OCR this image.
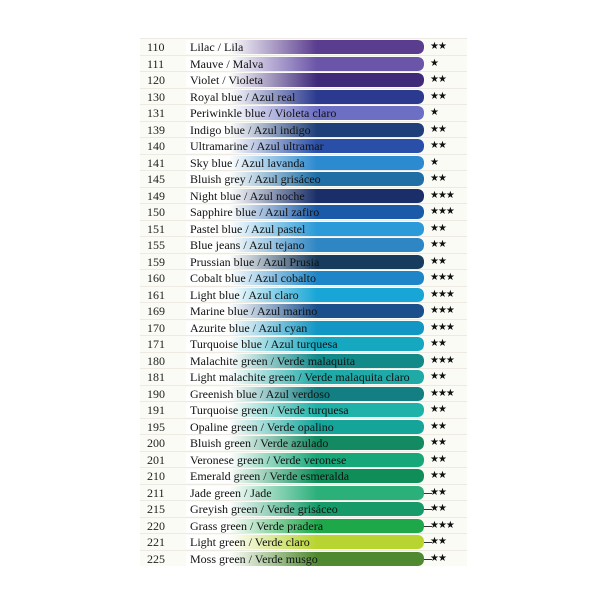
110	Lilac / Lila	★★
111	Mauve / Malva	★
120	Violet / Violeta	★★
130	Royal blue / Azul real	★★
131	Periwinkle blue / Violeta claro	★
139	Indigo blue / Azul indigo	★★
140	Ultramarine / Azul ultramar	★★
141	Sky blue / Azul lavanda	★
145	Bluish grey / Azul grisáceo	★★
149	Night blue / Azul noche	★★★
150	Sapphire blue / Azul zafiro	★★★
151	Pastel blue / Azul pastel	★★
155	Blue jeans / Azul tejano	★★
159	Prussian blue / Azul Prusia	★★
160	Cobalt blue / Azul cobalto	★★★
161	Light blue / Azul claro	★★★
169	Marine blue / Azul marino	★★★
170	Azurite blue / Azul cyan	★★★
171	Turquoise blue / Azul turquesa	★★
180	Malachite green / Verde malaquita	★★★
181	Light malachite green / Verde malaquita claro ★★
190	Greenish blue / Azul verdoso	★★★
191	Turquoise green / Verde turquesa	★★
195	Opaline green / Verde opalino	★★
200	Bluish green / Verde azulado	★★
201	Veronese green / Verde veronese	★★
210	Emerald green / Verde esmeralda	★★
211	Jade green / Jade	★★
215	Greyish green / Verde grisáceo	★★
220	Grass green / Verde pradera	★★★
221	Light green / Verde claro	★★
225	Moss green / Verde musgo	★★
